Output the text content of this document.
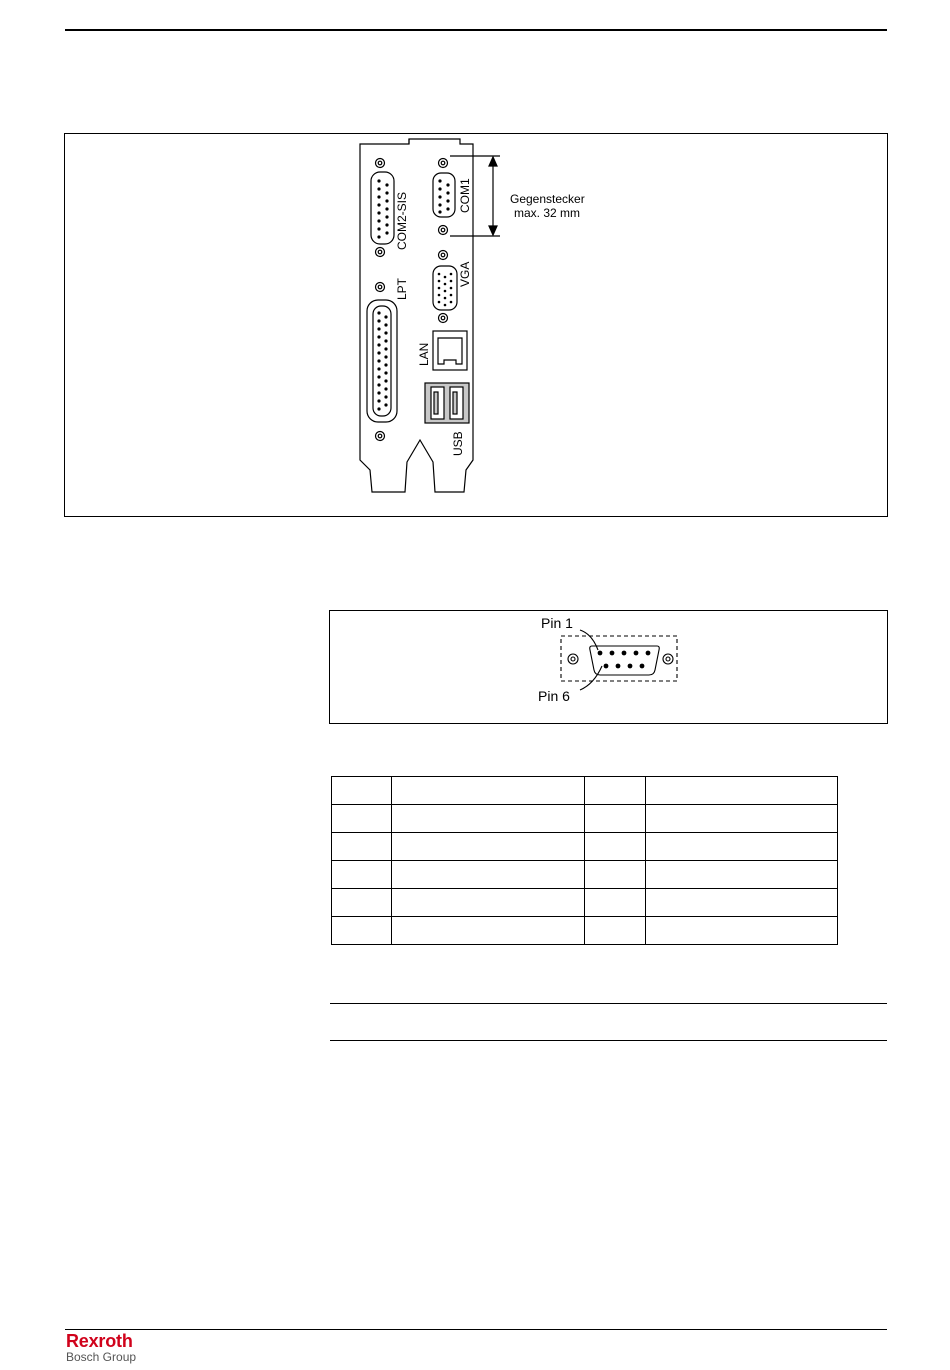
COM2-SIS	COM1
VGA
LPT
LAN
USB
Gegenstecker
max. 32 mm
Pin 1
Pin 6

Rexroth
Bosch Group
